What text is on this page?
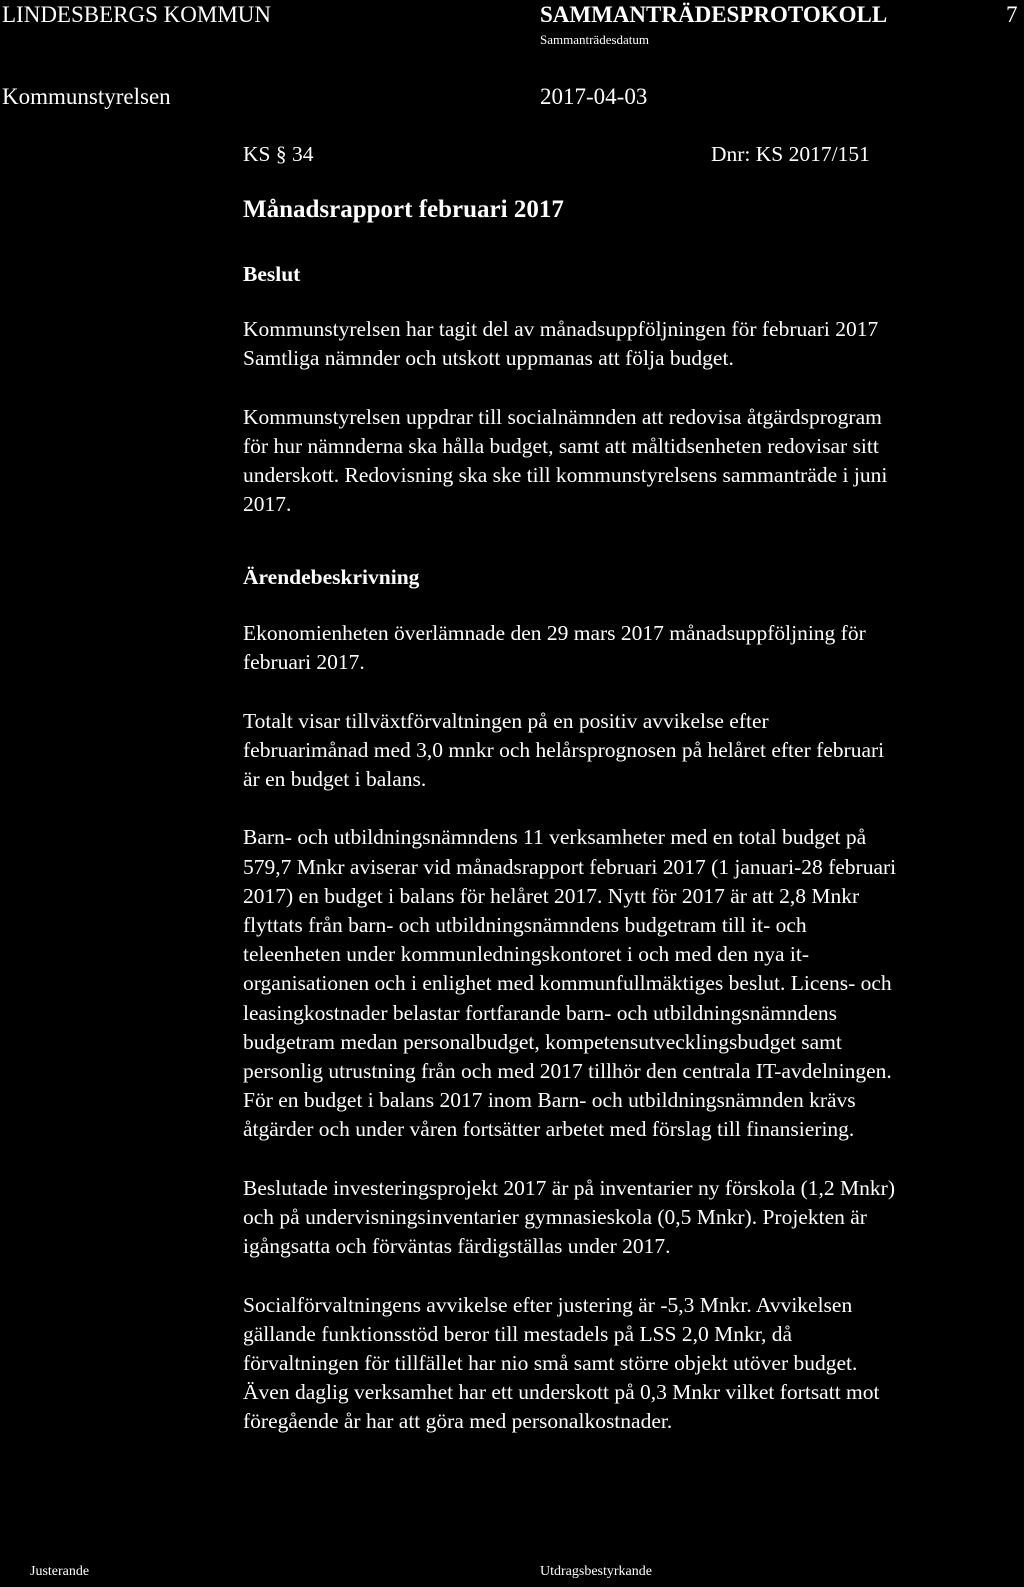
LINDESBERGS KOMMUN	SAMMANTRÄDESPROTOKOLL	7
Sammanträdesdatum
Kommunstyrelsen	2017-04-03
KS § 34	Dnr: KS 2017/151
Månadsrapport februari 2017
Beslut

Kommunstyrelsen har tagit del av månadsuppföljningen för februari 2017

Samtliga nämnder och utskott uppmanas att följa budget.

Kommunstyrelsen uppdrar till socialnämnden att redovisa åtgärdsprogram

för hur nämnderna ska hålla budget, samt att måltidsenheten redovisar sitt

underskott. Redovisning ska ske till kommunstyrelsens sammanträde i juni

2017.

Ärendebeskrivning

Ekonomienheten överlämnade den 29 mars 2017 månadsuppföljning för

februari 2017.

Totalt visar tillväxtförvaltningen på en positiv avvikelse efter

februarimånad med 3,0 mnkr och helårsprognosen på helåret efter februari

är en budget i balans.

Barn- och utbildningsnämndens 11 verksamheter med en total budget på

579,7 Mnkr aviserar vid månadsrapport februari 2017 (1 januari-28 februari

2017) en budget i balans för helåret 2017. Nytt för 2017 är att 2,8 Mnkr

flyttats från barn- och utbildningsnämndens budgetram till it- och

teleenheten under kommunledningskontoret i och med den nya it-

organisationen och i enlighet med kommunfullmäktiges beslut. Licens- och

leasingkostnader belastar fortfarande barn- och utbildningsnämndens

budgetram medan personalbudget, kompetensutvecklingsbudget samt

personlig utrustning från och med 2017 tillhör den centrala IT-avdelningen.

För en budget i balans 2017 inom Barn- och utbildningsnämnden krävs

åtgärder och under våren fortsätter arbetet med förslag till finansiering.

Beslutade investeringsprojekt 2017 är på inventarier ny förskola (1,2 Mnkr)

och på undervisningsinventarier gymnasieskola (0,5 Mnkr). Projekten är

igångsatta och förväntas färdigställas under 2017.

Socialförvaltningens avvikelse efter justering är -5,3 Mnkr. Avvikelsen

gällande funktionsstöd beror till mestadels på LSS 2,0 Mnkr, då

förvaltningen för tillfället har nio små samt större objekt utöver budget.

Även daglig verksamhet har ett underskott på 0,3 Mnkr vilket fortsatt mot

föregående år har att göra med personalkostnader.

Justerande	Utdragsbestyrkande
